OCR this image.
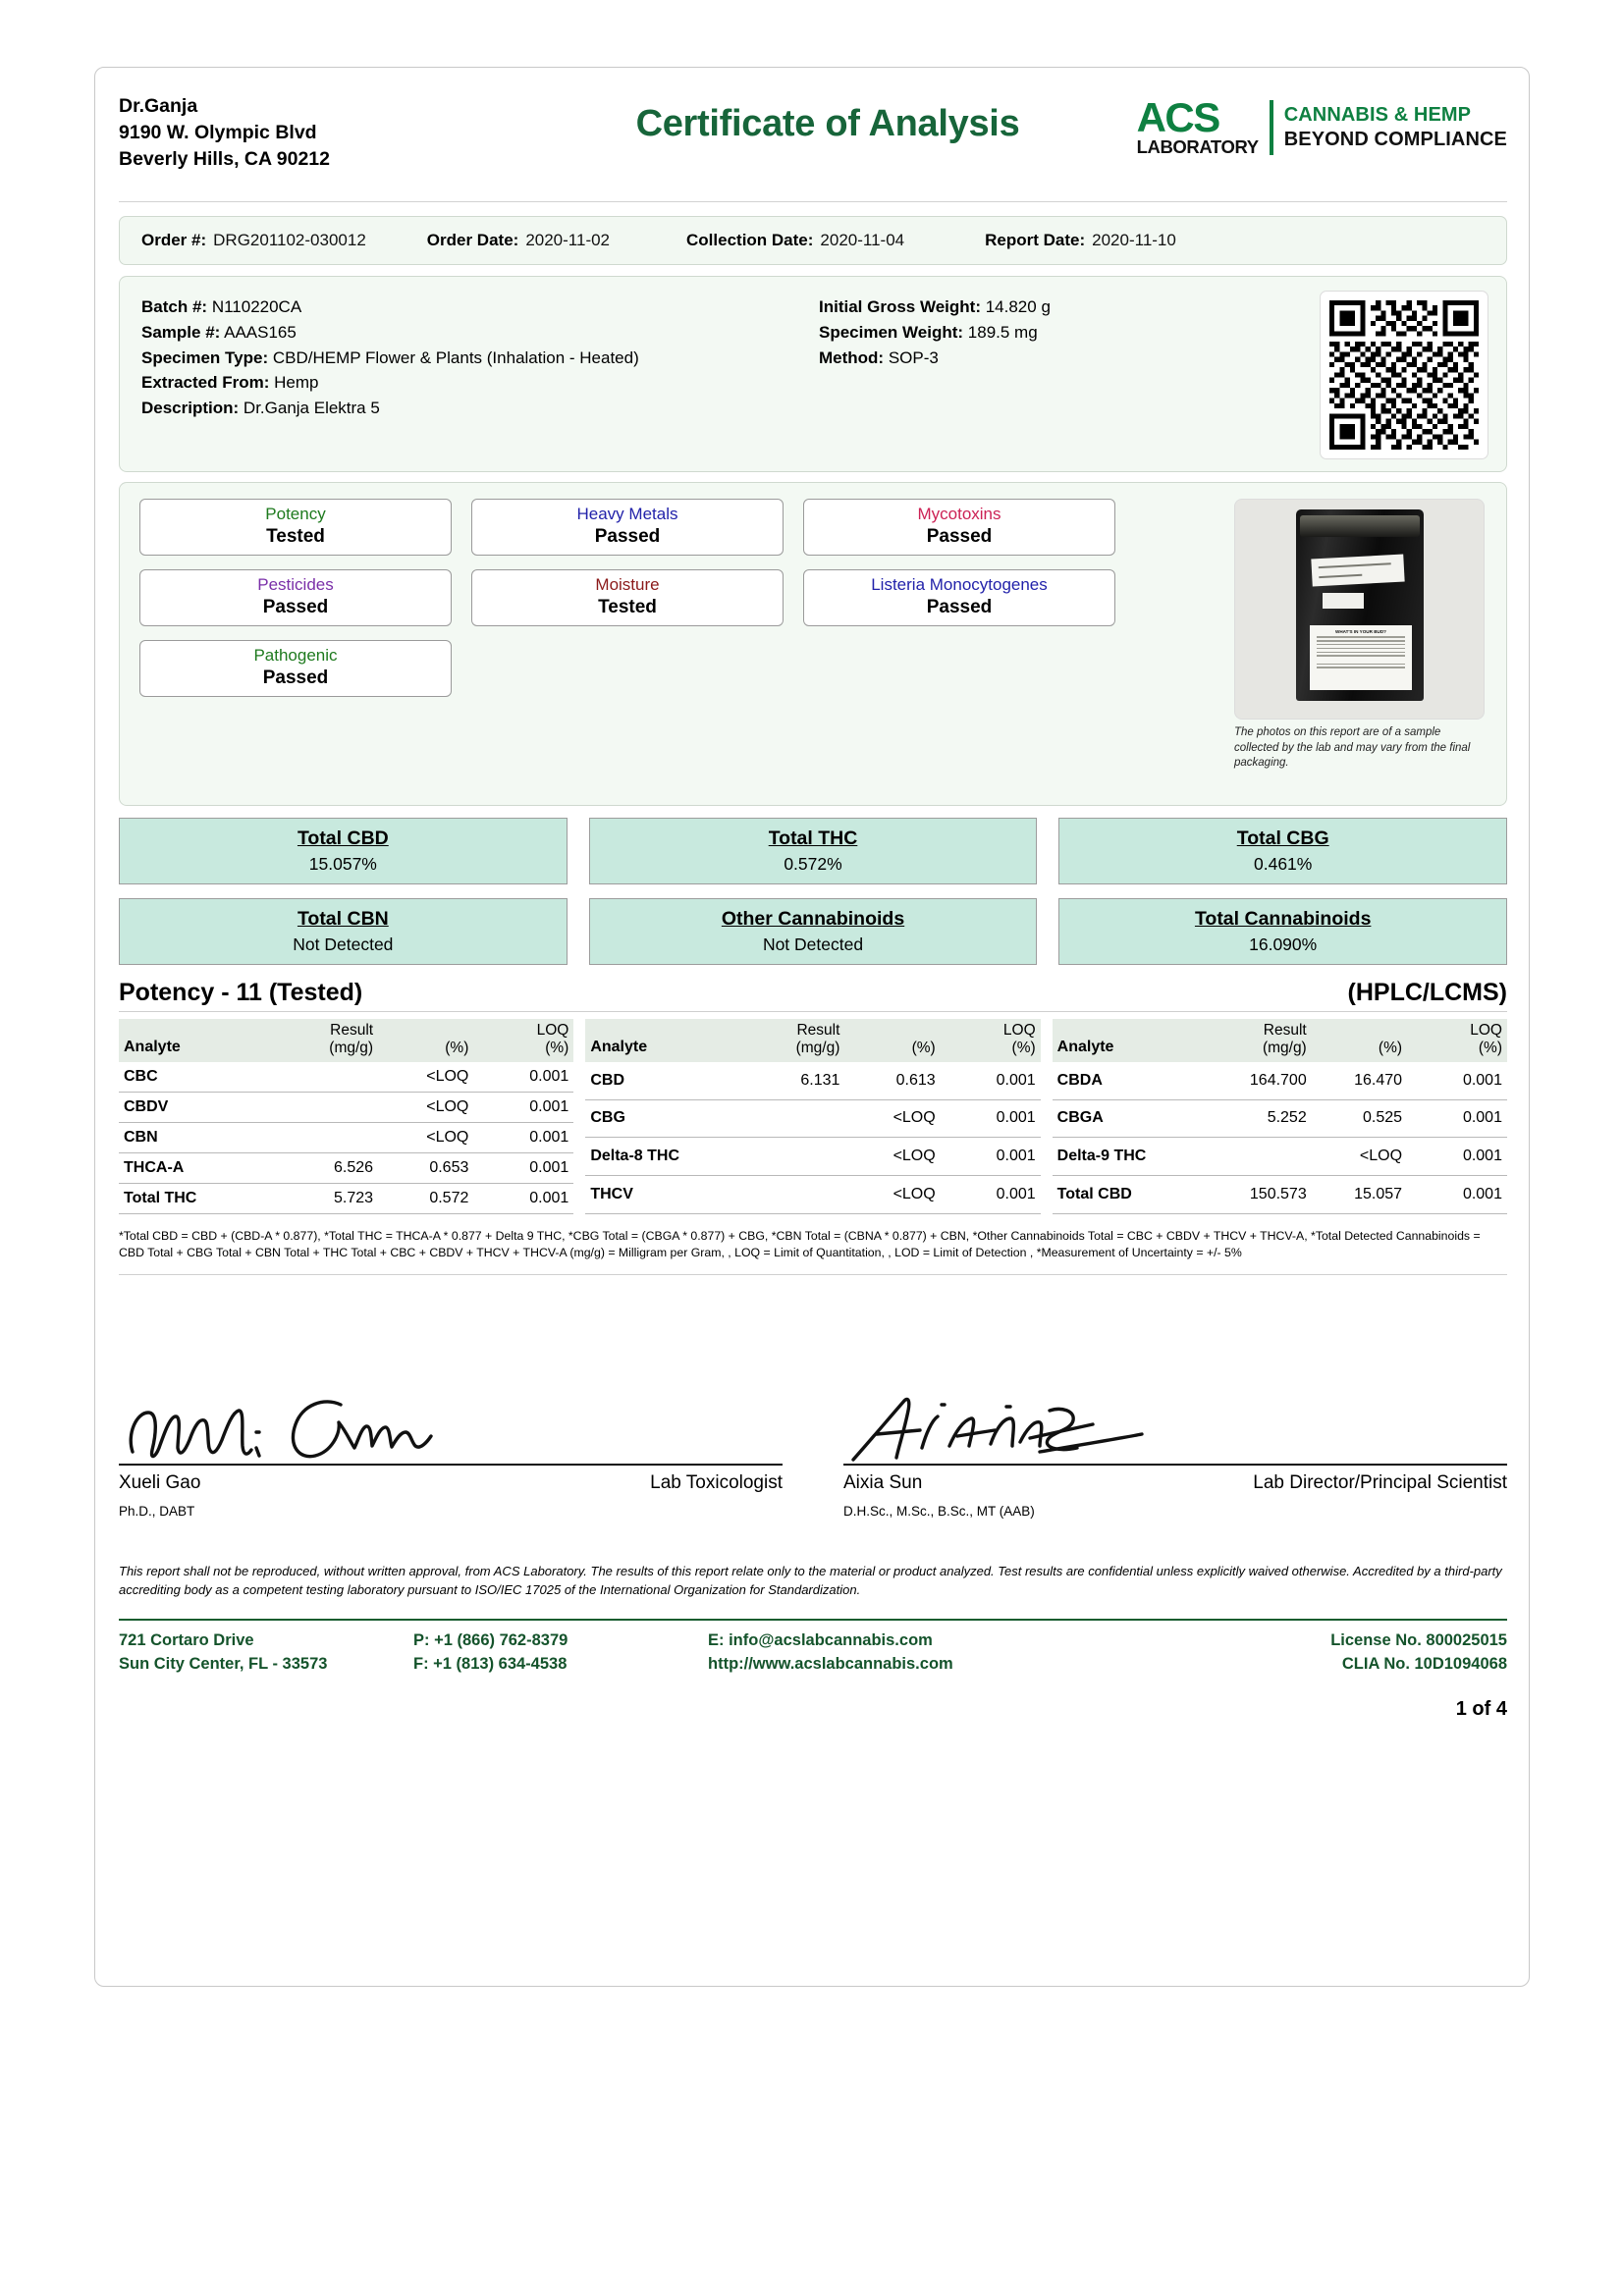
Dr.Ganja
9190 W. Olympic Blvd
Beverly Hills, CA 90212
Certificate of Analysis	ACS
LABORATORY
CANNABIS & HEMP
BEYOND COMPLIANCE
Order #: DRG201102-030012	Order Date: 2020-11-02	Collection Date: 2020-11-04	Report Date: 2020-11-10
Batch #: N110220CA
Sample #: AAAS165
Specimen Type: CBD/HEMP Flower & Plants (Inhalation - Heated)
Extracted From: Hemp
Description: Dr.Ganja Elektra 5
Initial Gross Weight: 14.820 g
Specimen Weight: 189.5 mg
Method: SOP-3
Potency
Tested
Heavy Metals
Passed
Mycotoxins
Passed
Pesticides
Passed
Moisture
Tested
Listeria Monocytogenes
Passed
Pathogenic
Passed
WHAT'S IN YOUR BUD?
The photos on this report are of a sample collected by the lab and may vary from the final packaging.
Total CBD
15.057%
Total THC
0.572%
Total CBG
0.461%
Total CBN
Not Detected
Other Cannabinoids
Not Detected
Total Cannabinoids
16.090%
Potency - 11 (Tested)	(HPLC/LCMS)
Analyte	Result
(mg/g)	(%)	LOQ
(%)
CBC		<LOQ	0.001
CBDV		<LOQ	0.001
CBN		<LOQ	0.001
THCA-A	6.526	0.653	0.001
Total THC	5.723	0.572	0.001
Analyte	Result
(mg/g)	(%)	LOQ
(%)
CBD	6.131	0.613	0.001
CBG		<LOQ	0.001
Delta-8 THC		<LOQ	0.001
THCV		<LOQ	0.001
Analyte	Result
(mg/g)	(%)	LOQ
(%)
CBDA	164.700	16.470	0.001
CBGA	5.252	0.525	0.001
Delta-9 THC		<LOQ	0.001
Total CBD	150.573	15.057	0.001
*Total CBD = CBD + (CBD-A * 0.877), *Total THC = THCA-A * 0.877 + Delta 9 THC, *CBG Total = (CBGA * 0.877) + CBG, *CBN Total = (CBNA * 0.877) + CBN, *Other Cannabinoids Total = CBC + CBDV + THCV + THCV-A, *Total Detected Cannabinoids = CBD Total + CBG Total + CBN Total + THC Total + CBC + CBDV + THCV + THCV-A (mg/g) = Milligram per Gram, , LOQ = Limit of Quantitation, , LOD = Limit of Detection , *Measurement of Uncertainty = +/- 5%
Xueli Gao	Lab Toxicologist
Ph.D., DABT
Aixia Sun	Lab Director/Principal Scientist
D.H.Sc., M.Sc., B.Sc., MT (AAB)
This report shall not be reproduced, without written approval, from ACS Laboratory. The results of this report relate only to the material or product analyzed. Test results are confidential unless explicitly waived otherwise. Accredited by a third-party accrediting body as a competent testing laboratory pursuant to ISO/IEC 17025 of the International Organization for Standardization.
721 Cortaro Drive
Sun City Center, FL - 33573
P: +1 (866) 762-8379
F: +1 (813) 634-4538
E: info@acslabcannabis.com
http://www.acslabcannabis.com
License No. 800025015
CLIA No. 10D1094068
1 of 4
